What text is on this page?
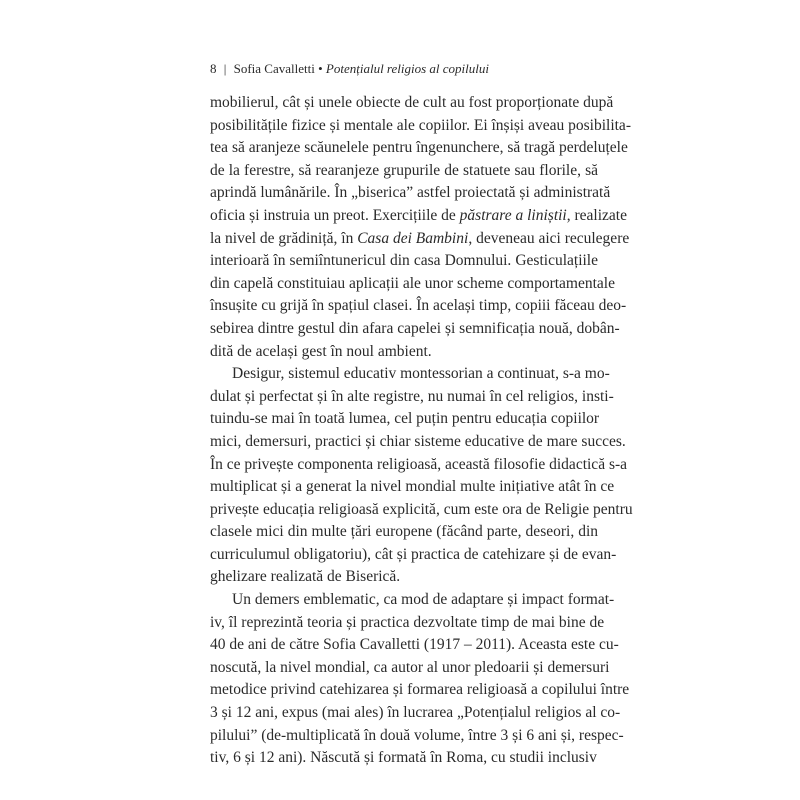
8 | Sofia Cavalletti • Potențialul religios al copilului
mobilierul, cât și unele obiecte de cult au fost proporționate după
posibilitățile fizice și mentale ale copiilor. Ei înșiși aveau posibilita-
tea să aranjeze scăunelele pentru îngenunchere, să tragă perdeluțele
de la ferestre, să rearanjeze grupurile de statuete sau florile, să
aprindă lumânările. În „biserica” astfel proiectată și administrată
oficia și instruia un preot. Exercițiile de păstrare a liniștii, realizate
la nivel de grădiniță, în Casa dei Bambini, deveneau aici reculegere
interioară în semiîntunericul din casa Domnului. Gesticulațiile
din capelă constituiau aplicații ale unor scheme comportamentale
însușite cu grijă în spațiul clasei. În același timp, copiii făceau deo-
sebirea dintre gestul din afara capelei și semnificația nouă, dobân-
dită de același gest în noul ambient.
Desigur, sistemul educativ montessorian a continuat, s-a mo-
dulat și perfectat și în alte registre, nu numai în cel religios, insti-
tuindu-se mai în toată lumea, cel puțin pentru educația copiilor
mici, demersuri, practici și chiar sisteme educative de mare succes.
În ce privește componenta religioasă, această filosofie didactică s-a
multiplicat și a generat la nivel mondial multe inițiative atât în ce
privește educația religioasă explicită, cum este ora de Religie pentru
clasele mici din multe țări europene (făcând parte, deseori, din
curriculumul obligatoriu), cât și practica de catehizare și de evan-
ghelizare realizată de Biserică.
Un demers emblematic, ca mod de adaptare și impact format-
iv, îl reprezintă teoria și practica dezvoltate timp de mai bine de
40 de ani de către Sofia Cavalletti (1917 – 2011). Aceasta este cu-
noscută, la nivel mondial, ca autor al unor pledoarii și demersuri
metodice privind catehizarea și formarea religioasă a copilului între
3 și 12 ani, expus (mai ales) în lucrarea „Potențialul religios al co-
pilului” (de-multiplicată în două volume, între 3 și 6 ani și, respec-
tiv, 6 și 12 ani). Născută și formată în Roma, cu studii inclusiv
